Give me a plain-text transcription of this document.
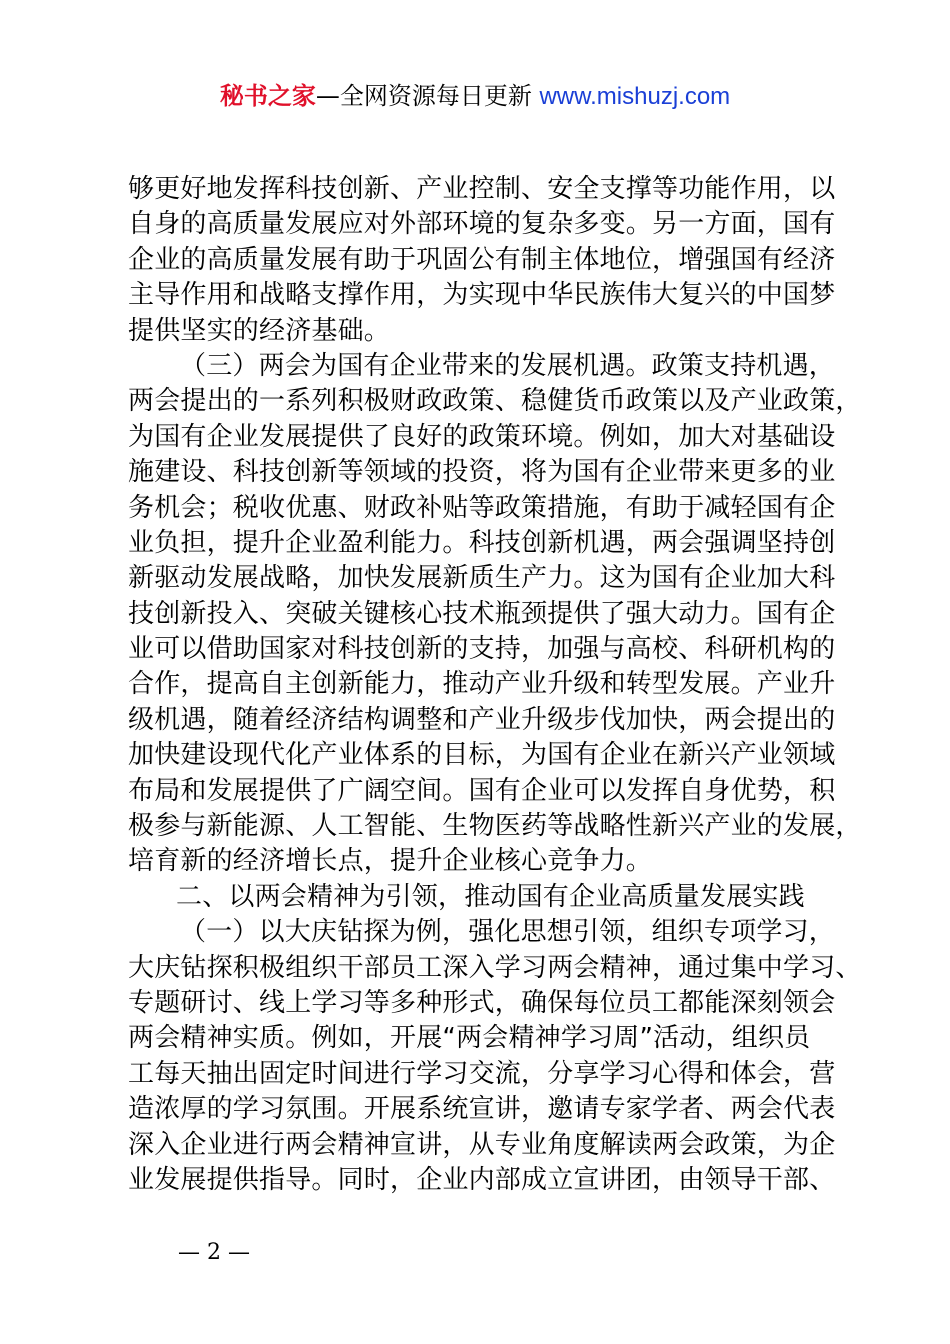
秘书之家—全网资源每日更新 www.mishuzj.com
够更好地发挥科技创新、产业控制、安全支撑等功能作用，以
自身的高质量发展应对外部环境的复杂多变。另一方面，国有
企业的高质量发展有助于巩固公有制主体地位，增强国有经济
主导作用和战略支撑作用，为实现中华民族伟大复兴的中国梦
提供坚实的经济基础。
（三）两会为国有企业带来的发展机遇。政策支持机遇，
两会提出的一系列积极财政政策、稳健货币政策以及产业政策，
为国有企业发展提供了良好的政策环境。例如，加大对基础设
施建设、科技创新等领域的投资，将为国有企业带来更多的业
务机会；税收优惠、财政补贴等政策措施，有助于减轻国有企
业负担，提升企业盈利能力。科技创新机遇，两会强调坚持创
新驱动发展战略，加快发展新质生产力。这为国有企业加大科
技创新投入、突破关键核心技术瓶颈提供了强大动力。国有企
业可以借助国家对科技创新的支持，加强与高校、科研机构的
合作，提高自主创新能力，推动产业升级和转型发展。产业升
级机遇，随着经济结构调整和产业升级步伐加快，两会提出的
加快建设现代化产业体系的目标，为国有企业在新兴产业领域
布局和发展提供了广阔空间。国有企业可以发挥自身优势，积
极参与新能源、人工智能、生物医药等战略性新兴产业的发展，
培育新的经济增长点，提升企业核心竞争力。
二、以两会精神为引领，推动国有企业高质量发展实践
（一）以大庆钻探为例，强化思想引领，组织专项学习，
大庆钻探积极组织干部员工深入学习两会精神，通过集中学习、
专题研讨、线上学习等多种形式，确保每位员工都能深刻领会
两会精神实质。例如，开展“两会精神学习周”活动，组织员
工每天抽出固定时间进行学习交流，分享学习心得和体会，营
造浓厚的学习氛围。开展系统宣讲，邀请专家学者、两会代表
深入企业进行两会精神宣讲，从专业角度解读两会政策，为企
业发展提供指导。同时，企业内部成立宣讲团，由领导干部、
— 2 —
